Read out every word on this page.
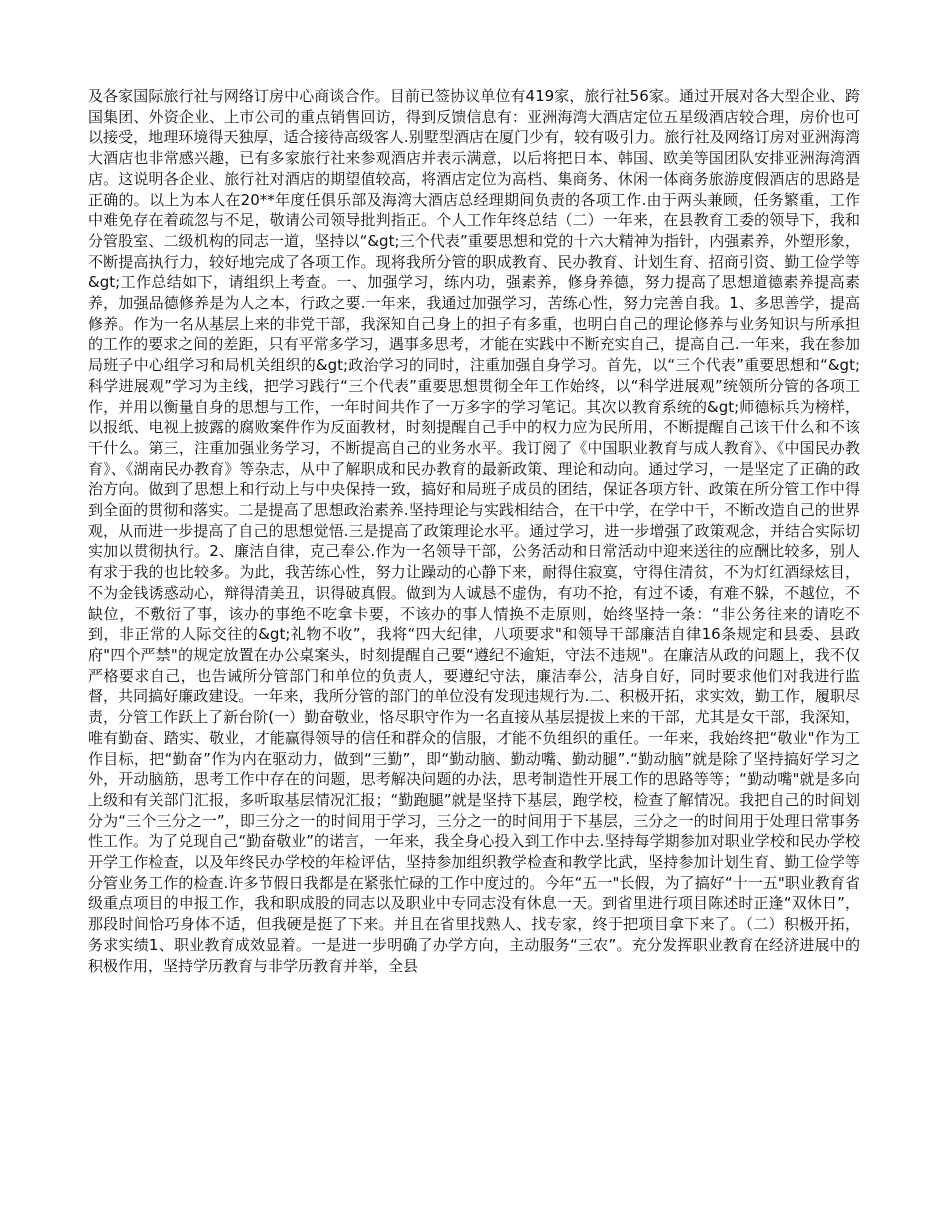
及各家国际旅行社与网络订房中心商谈合作。目前已签协议单位有419家，旅行社56家。通过开展对各大型企业、跨国集团、外资企业、上市公司的重点销售回访，得到反馈信息有：亚洲海湾大酒店定位五星级酒店较合理，房价也可以接受，地理环境得天独厚，适合接待高级客人.别墅型酒店在厦门少有，较有吸引力。旅行社及网络订房对亚洲海湾大酒店也非常感兴趣，已有多家旅行社来参观酒店并表示满意，以后将把日本、韩国、欧美等国团队安排亚洲海湾酒店。这说明各企业、旅行社对酒店的期望值较高，将酒店定位为高档、集商务、休闲一体商务旅游度假酒店的思路是正确的。以上为本人在20**年度任俱乐部及海湾大酒店总经理期间负责的各项工作.由于两头兼顾，任务繁重，工作中难免存在着疏忽与不足，敬请公司领导批判指正。个人工作年终总结（二）一年来，在县教育工委的领导下，我和分管股室、二级机构的同志一道，坚持以“&gt;三个代表”重要思想和党的十六大精神为指针，内强素养，外塑形象，不断提高执行力，较好地完成了各项工作。现将我所分管的职成教育、民办教育、计划生育、招商引资、勤工俭学等&gt;工作总结如下，请组织上考查。一、加强学习，练内功，强素养，修身养德，努力提高了思想道德素养提高素养，加强品德修养是为人之本，行政之要.一年来，我通过加强学习，苦练心性，努力完善自我。1、多思善学，提高修养。作为一名从基层上来的非党干部，我深知自己身上的担子有多重，也明白自己的理论修养与业务知识与所承担的工作的要求之间的差距，只有平常多学习，遇事多思考，才能在实践中不断充实自己，提高自己.一年来，我在参加局班子中心组学习和局机关组织的&gt;政治学习的同时，注重加强自身学习。首先，以“三个代表”重要思想和“&gt;科学进展观”学习为主线，把学习践行“三个代表”重要思想贯彻全年工作始终，以“科学进展观”统领所分管的各项工作，并用以衡量自身的思想与工作，一年时间共作了一万多字的学习笔记。其次以教育系统的&gt;师德标兵为榜样，以报纸、电视上披露的腐败案件作为反面教材，时刻提醒自己手中的权力应为民所用，不断提醒自己该干什么和不该干什么。第三，注重加强业务学习，不断提高自己的业务水平。我订阅了《中国职业教育与成人教育》、《中国民办教育》、《湖南民办教育》等杂志，从中了解职成和民办教育的最新政策、理论和动向。通过学习，一是坚定了正确的政治方向。做到了思想上和行动上与中央保持一致，搞好和局班子成员的团结，保证各项方针、政策在所分管工作中得到全面的贯彻和落实。二是提高了思想政治素养.坚持理论与实践相结合，在干中学，在学中干，不断改造自己的世界观，从而进一步提高了自己的思想觉悟.三是提高了政策理论水平。通过学习，进一步增强了政策观念，并结合实际切实加以贯彻执行。2、廉洁自律，克己奉公.作为一名领导干部，公务活动和日常活动中迎来送往的应酬比较多，别人有求于我的也比较多。为此，我苦练心性，努力让躁动的心静下来，耐得住寂寞，守得住清贫，不为灯红酒绿炫目，不为金钱诱惑动心，辩得清美丑，识得破真假。做到为人诚恳不虚伪，有功不抢，有过不诿，有难不躲，不越位，不缺位，不敷衍了事，该办的事绝不吃拿卡要，不该办的事人情换不走原则，始终坚持一条：“非公务往来的请吃不到，非正常的人际交往的&gt;礼物不收”，我将“四大纪律，八项要求"和领导干部廉洁自律16条规定和县委、县政府"四个严禁"的规定放置在办公桌案头，时刻提醒自己要“遵纪不逾矩，守法不违规"。在廉洁从政的问题上，我不仅严格要求自己，也告诫所分管部门和单位的负责人，要遵纪守法，廉洁奉公，洁身自好，同时要求他们对我进行监督，共同搞好廉政建设。一年来，我所分管的部门的单位没有发现违规行为.二、积极开拓，求实效，勤工作，履职尽责，分管工作跃上了新台阶(一）勤奋敬业，恪尽职守作为一名直接从基层提拔上来的干部，尤其是女干部，我深知，唯有勤奋、踏实、敬业，才能赢得领导的信任和群众的信服，才能不负组织的重任。一年来，我始终把“敬业"作为工作目标，把“勤奋”作为内在驱动力，做到“三勤”，即“勤动脑、勤动嘴、勤动腿”.“勤动脑”就是除了坚持搞好学习之外，开动脑筋，思考工作中存在的问题，思考解决问题的办法，思考制造性开展工作的思路等等；“勤动嘴"就是多向上级和有关部门汇报，多听取基层情况汇报；“勤跑腿”就是坚持下基层，跑学校，检查了解情况。我把自己的时间划分为“三个三分之一”，即三分之一的时间用于学习，三分之一的时间用于下基层，三分之一的时间用于处理日常事务性工作。为了兑现自己“勤奋敬业”的诺言，一年来，我全身心投入到工作中去.坚持每学期参加对职业学校和民办学校开学工作检查，以及年终民办学校的年检评估，坚持参加组织教学检查和教学比武，坚持参加计划生育、勤工俭学等分管业务工作的检查.许多节假日我都是在紧张忙碌的工作中度过的。今年“五一"长假，为了搞好“十一五"职业教育省级重点项目的申报工作，我和职成股的同志以及职业中专同志没有休息一天。到省里进行项目陈述时正逢“双休日”，那段时间恰巧身体不适，但我硬是挺了下来。并且在省里找熟人、找专家，终于把项目拿下来了。（二）积极开拓，务求实绩1、职业教育成效显着。一是进一步明确了办学方向，主动服务“三农”。充分发挥职业教育在经济进展中的积极作用，坚持学历教育与非学历教育并举，全县
